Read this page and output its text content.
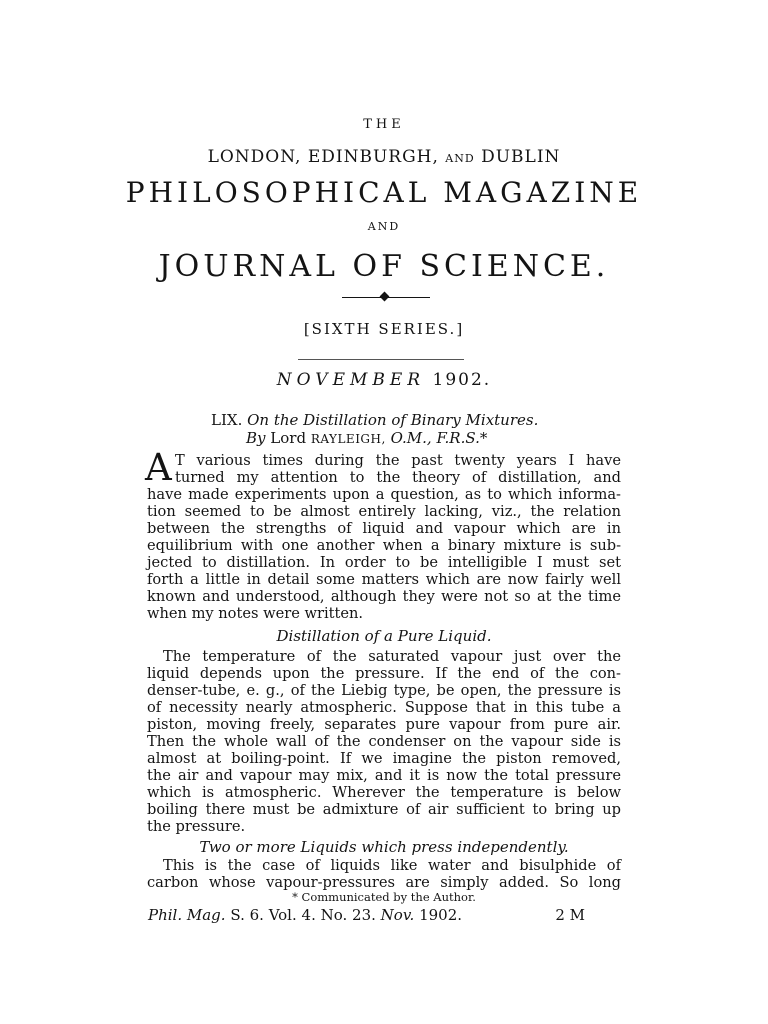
THE
LONDON, EDINBURGH, AND DUBLIN
PHILOSOPHICAL MAGAZINE
AND
JOURNAL OF SCIENCE.
[SIXTH SERIES.]
NOVEMBER 1902.
LIX. On the Distillation of Binary Mixtures.
By Lord RAYLEIGH, O.M., F.R.S.*
A T various times during the past twenty years I have
turned my attention to the theory of distillation, and
have made experiments upon a question, as to which informa-
tion seemed to be almost entirely lacking, viz., the relation
between the strengths of liquid and vapour which are in
equilibrium with one another when a binary mixture is sub-
jected to distillation. In order to be intelligible I must set
forth a little in detail some matters which are now fairly well
known and understood, although they were not so at the time
when my notes were written.
Distillation of a Pure Liquid.
The temperature of the saturated vapour just over the
liquid depends upon the pressure. If the end of the con-
denser-tube, e. g., of the Liebig type, be open, the pressure is
of necessity nearly atmospheric. Suppose that in this tube a
piston, moving freely, separates pure vapour from pure air.
Then the whole wall of the condenser on the vapour side is
almost at boiling-point. If we imagine the piston removed,
the air and vapour may mix, and it is now the total pressure
which is atmospheric. Wherever the temperature is below
boiling there must be admixture of air sufficient to bring up
the pressure.
Two or more Liquids which press independently.
This is the case of liquids like water and bisulphide of
carbon whose vapour-pressures are simply added. So long
* Communicated by the Author.
Phil. Mag. S. 6. Vol. 4. No. 23. Nov. 1902.	2 M
